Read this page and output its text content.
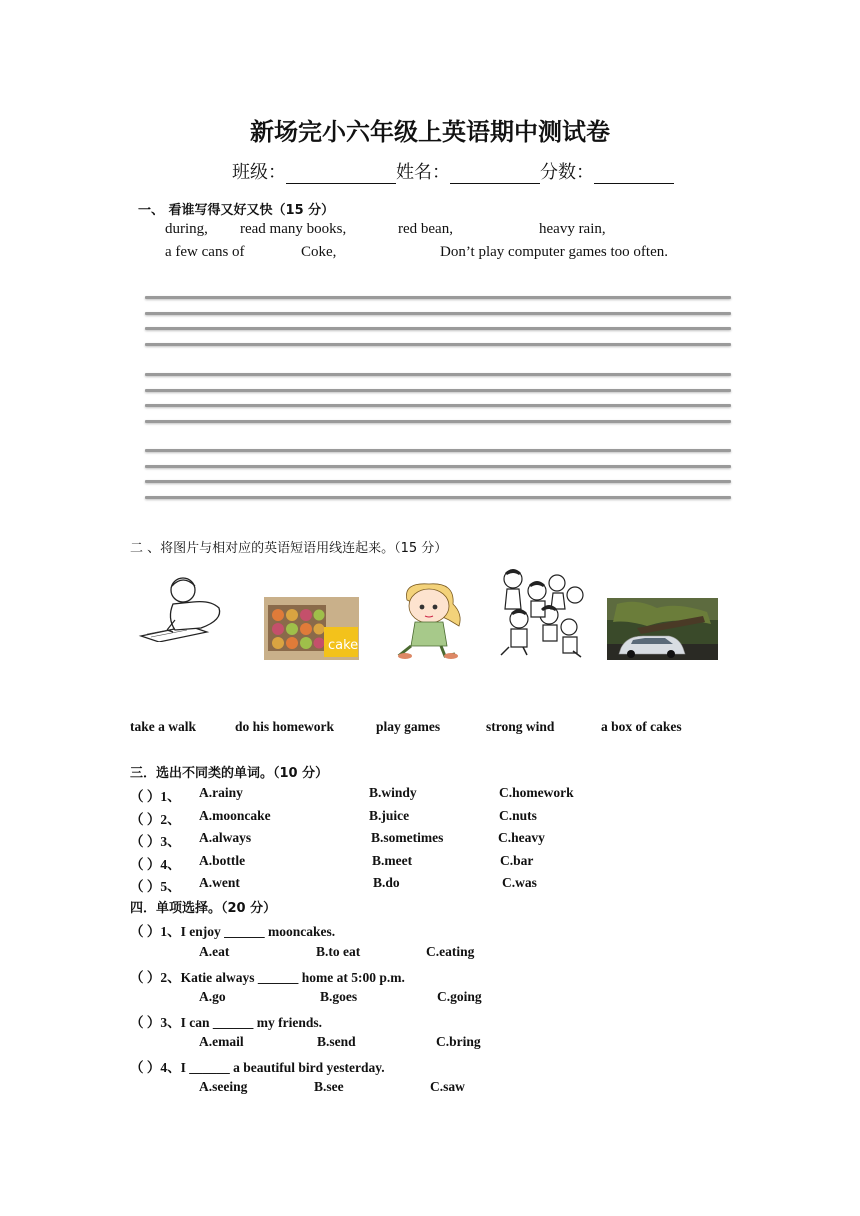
新场完小六年级上英语期中测试卷
班级：	姓名：	分数：
一、 看谁写得又好又快（15 分）
during, read many books,	red bean,	heavy rain,
a few cans of	Coke,	Don’t play computer games too often.
二 、将图片与相对应的英语短语用线连起来。（15 分）
cake
take a walk	do his homework	play games	strong wind	a box of cakes
三．选出不同类的单词。（10 分）
（ ）1、 A.rainy	B.windy	C.homework
（ ）2、 A.mooncake	B.juice	C.nuts
（ ）3、 A.always	B.sometimes	C.heavy
（ ）4、 A.bottle	B.meet	C.bar
（ ）5、 A.went	B.do	C.was
四．单项选择。（20 分）
（ ）1、I enjoy ______ mooncakes.
A.eat	B.to eat	C.eating
（ ）2、Katie always ______ home at 5:00 p.m.
A.go	B.goes	C.going
（ ）3、I can ______ my friends.
A.email	B.send	C.bring
（ ）4、I ______ a beautiful bird yesterday.
A.seeing	B.see	C.saw
